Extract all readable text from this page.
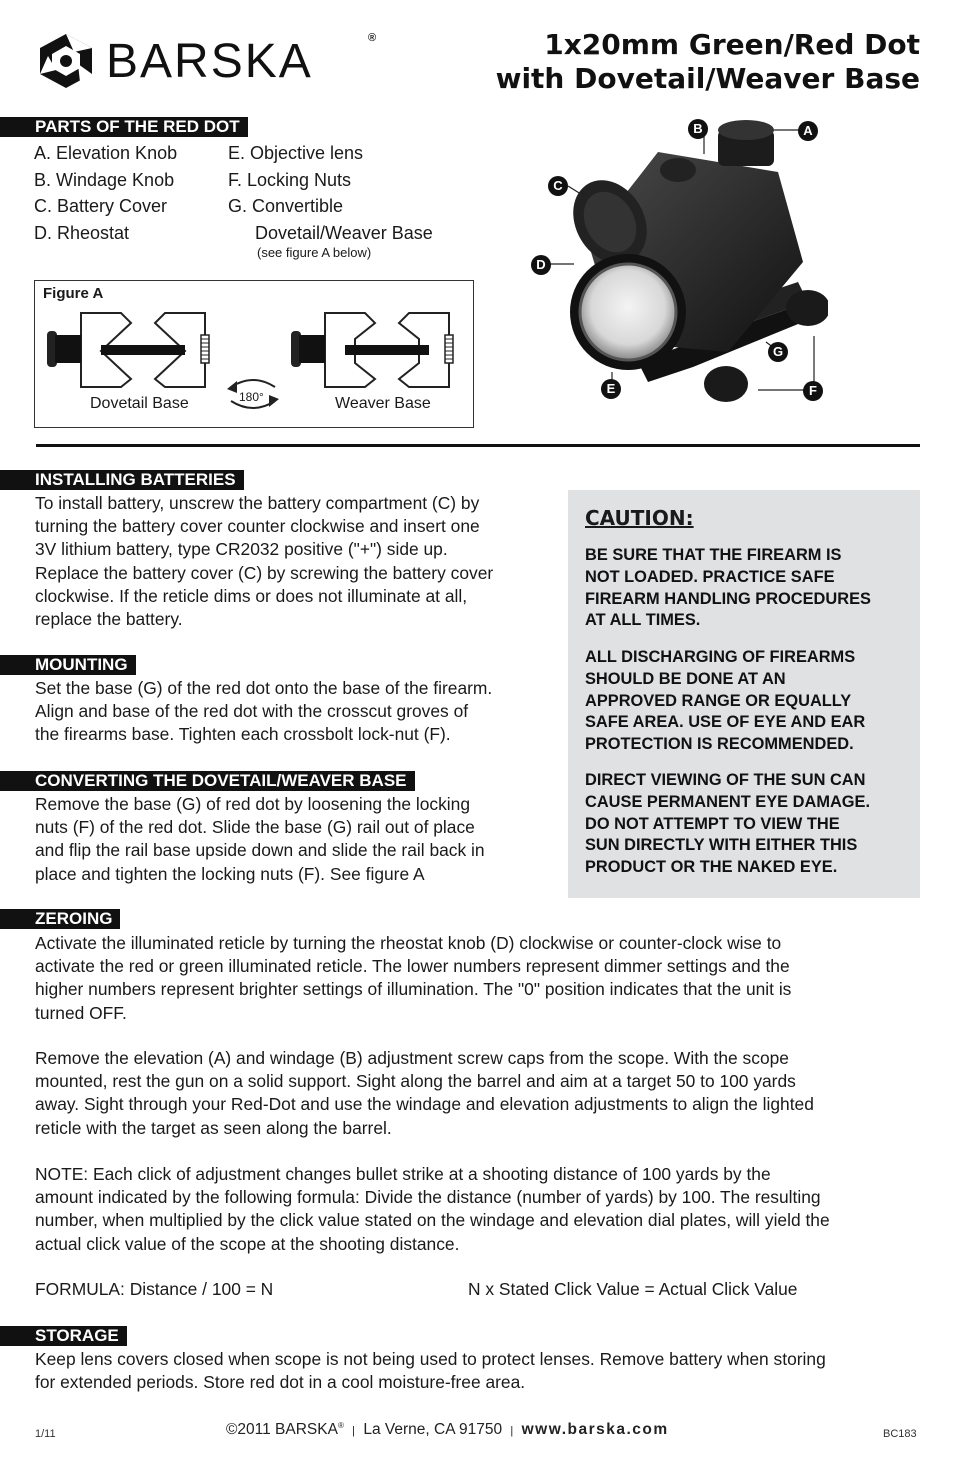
BARSKA	®	1x20mm Green/Red Dot
with Dovetail/Weaver Base
PARTS OF THE RED DOT
A. Elevation Knob
B. Windage Knob
C. Battery Cover
D. Rheostat
E. Objective lens
F. Locking Nuts
G. Convertible
Dovetail/Weaver Base
(see figure A below)
Figure A
Dovetail Base	180°	Weaver Base
A
B
C
D
E	F
G
INSTALLING BATTERIES
To install battery, unscrew the battery compartment (C) by
turning the battery cover counter clockwise and insert one
3V lithium battery, type CR2032 positive ("+") side up.
Replace the battery cover (C) by screwing the battery cover
clockwise. If the reticle dims or does not illuminate at all,
replace the battery.
MOUNTING
Set the base (G) of the red dot onto the base of the firearm.
Align and base of the red dot with the crosscut groves of
the firearms base. Tighten each crossbolt lock-nut (F).
CONVERTING THE DOVETAIL/WEAVER BASE
Remove the base (G) of red dot by loosening the locking
nuts (F) of the red dot. Slide the base (G) rail out of place
and flip the rail base upside down and slide the rail back in
place and tighten the locking nuts (F). See figure A
CAUTION:
BE SURE THAT THE FIREARM IS
NOT LOADED. PRACTICE SAFE
FIREARM HANDLING PROCEDURES
AT ALL TIMES.
ALL DISCHARGING OF FIREARMS
SHOULD BE DONE AT AN
APPROVED RANGE OR EQUALLY
SAFE AREA. USE OF EYE AND EAR
PROTECTION IS RECOMMENDED.
DIRECT VIEWING OF THE SUN CAN
CAUSE PERMANENT EYE DAMAGE.
DO NOT ATTEMPT TO VIEW THE
SUN DIRECTLY WITH EITHER THIS
PRODUCT OR THE NAKED EYE.
ZEROING
Activate the illuminated reticle by turning the rheostat knob (D) clockwise or counter-clock wise to
activate the red or green illuminated reticle. The lower numbers represent dimmer settings and the
higher numbers represent brighter settings of illumination. The "0" position indicates that the unit is
turned OFF.
Remove the elevation (A) and windage (B) adjustment screw caps from the scope. With the scope
mounted, rest the gun on a solid support. Sight along the barrel and aim at a target 50 to 100 yards
away. Sight through your Red-Dot and use the windage and elevation adjustments to align the lighted
reticle with the target as seen along the barrel.
NOTE: Each click of adjustment changes bullet strike at a shooting distance of 100 yards by the
amount indicated by the following formula: Divide the distance (number of yards) by 100. The resulting
number, when multiplied by the click value stated on the windage and elevation dial plates, will yield the
actual click value of the scope at the shooting distance.
FORMULA: Distance / 100 = N	N x Stated Click Value = Actual Click Value
STORAGE
Keep lens covers closed when scope is not being used to protect lenses. Remove battery when storing
for extended periods. Store red dot in a cool moisture-free area.
1/11	©2011 BARSKA® | La Verne, CA 91750 | www.barska.com	BC183
